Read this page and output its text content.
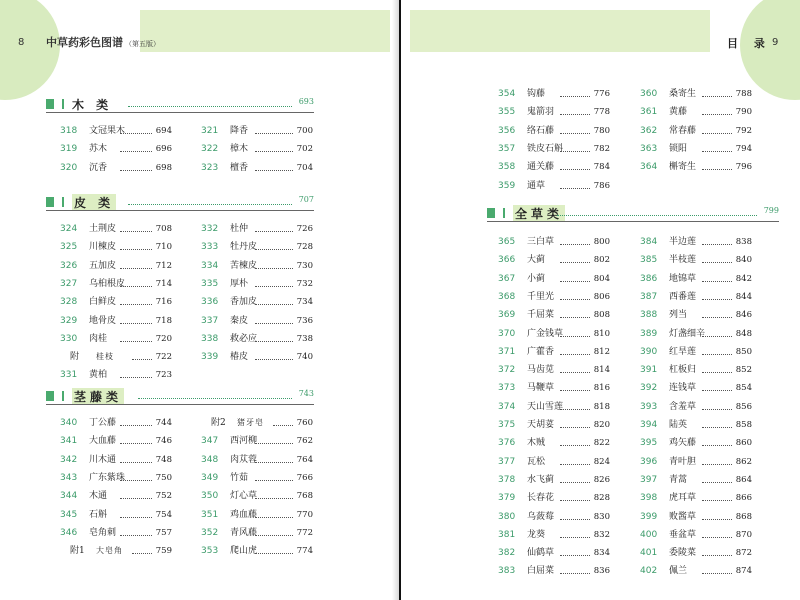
8	9
中草药彩色图谱 （第五版）	目 录
木 类	693
皮 类	707
茎藤类	743
全草类	799
318 文冠果木	694
319 苏木	696
320 沉香	698
321 降香	700
322 樟木	702
323 檀香	704
324 土荆皮	708
325 川楝皮	710
326 五加皮	712
327 乌桕根皮	714
328 白鲜皮	716
329 地骨皮	718
330 肉桂	720
附 桂枝	722
331 黄柏	723
332 杜仲	726
333 牡丹皮	728
334 苦楝皮	730
335 厚朴	732
336 香加皮	734
337 秦皮	736
338 救必应	738
339 椿皮	740
340 丁公藤	744
341 大血藤	746
342 川木通	748
343 广东紫珠	750
344 木通	752
345 石斛	754
346 皂角刺	757
附1 大皂角	759
附2 猪牙皂	760
347 西河柳	762
348 肉苁蓉	764
349 竹茹	766
350 灯心草	768
351 鸡血藤	770
352 青风藤	772
353 爬山虎	774
354 钩藤	776
355 鬼箭羽	778
356 络石藤	780
357 铁皮石斛	782
358 通关藤	784
359 通草	786
360 桑寄生	788
361 黄藤	790
362 常春藤	792
363 锁阳	794
364 槲寄生	796
365 三白草	800
366 大蓟	802
367 小蓟	804
368 千里光	806
369 千屈菜	808
370 广金钱草	810
371 广藿香	812
372 马齿苋	814
373 马鞭草	816
374 天山雪莲	818
375 天胡荽	820
376 木贼	822
377 瓦松	824
378 水飞蓟	826
379 长春花	828
380 乌蔹莓	830
381 龙葵	832
382 仙鹤草	834
383 白屈菜	836
384 半边莲	838
385 半枝莲	840
386 地锦草	842
387 西番莲	844
388 列当	846
389 灯盏细辛	848
390 红旱莲	850
391 杠板归	852
392 连钱草	854
393 含羞草	856
394 陆英	858
395 鸡矢藤	860
396 青叶胆	862
397 青蒿	864
398 虎耳草	866
399 败酱草	868
400 垂盆草	870
401 委陵菜	872
402 佩兰	874
